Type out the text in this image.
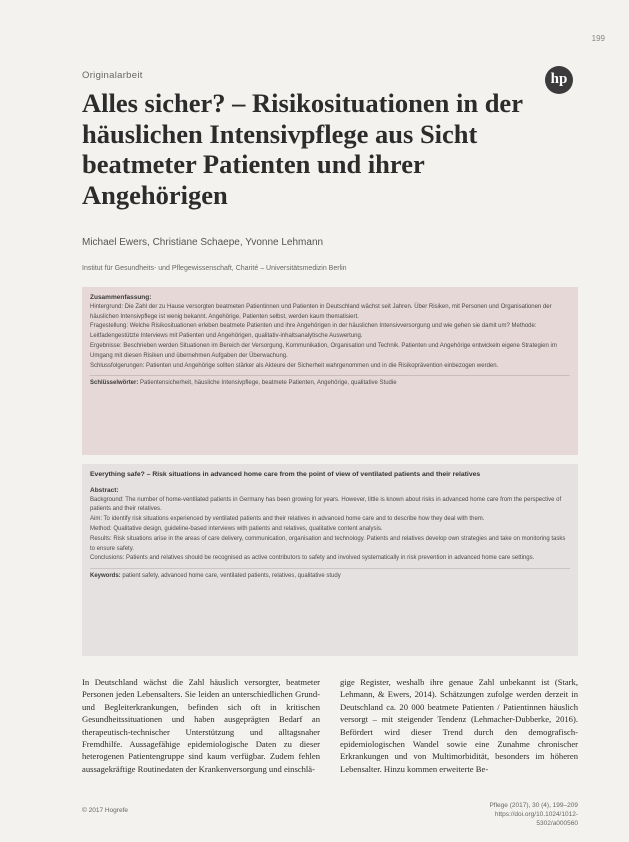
199
Originalarbeit	hp
Alles sicher? – Risikosituationen in der häuslichen Intensivpflege aus Sicht beatmeter Patienten und ihrer Angehörigen
Michael Ewers, Christiane Schaepe, Yvonne Lehmann
Institut für Gesundheits- und Pflegewissenschaft, Charité – Universitätsmedizin Berlin
Zusammenfassung:

Hintergrund: Die Zahl der zu Hause versorgten beatmeten Patientinnen und Patienten in Deutschland wächst seit Jahren. Über Risiken, mit Personen und Organisationen der häuslichen Intensivpflege ist wenig bekannt. Angehörige, Patienten selbst, werden kaum thematisiert.

Fragestellung: Welche Risikosituationen erleben beatmete Patienten und ihre Angehörigen in der häuslichen Intensivversorgung und wie gehen sie damit um? Methode: Leitfadengestützte Interviews mit Patienten und Angehörigen, qualitativ-inhaltsanalytische Auswertung.

Ergebnisse: Beschrieben werden Situationen im Bereich der Versorgung, Kommunikation, Organisation und Technik. Patienten und Angehörige entwickeln eigene Strategien im Umgang mit diesen Risiken und übernehmen Aufgaben der Überwachung.

Schlussfolgerungen: Patienten und Angehörige sollten stärker als Akteure der Sicherheit wahrgenommen und in die Risikoprävention einbezogen werden.

Schlüsselwörter: Patientensicherheit, häusliche Intensivpflege, beatmete Patienten, Angehörige, qualitative Studie
Everything safe? – Risk situations in advanced home care from the point of view of ventilated patients and their relatives
Abstract:

Background: The number of home-ventilated patients in Germany has been growing for years. However, little is known about risks in advanced home care from the perspective of patients and their relatives.

Aim: To identify risk situations experienced by ventilated patients and their relatives in advanced home care and to describe how they deal with them.

Method: Qualitative design, guideline-based interviews with patients and relatives, qualitative content analysis.

Results: Risk situations arise in the areas of care delivery, communication, organisation and technology. Patients and relatives develop own strategies and take on monitoring tasks to ensure safety.

Conclusions: Patients and relatives should be recognised as active contributors to safety and involved systematically in risk prevention in advanced home care settings.

Keywords: patient safety, advanced home care, ventilated patients, relatives, qualitative study

In Deutschland wächst die Zahl häuslich versorgter, beatmeter Personen jeden Lebensalters. Sie leiden an unterschiedlichen Grund- und Begleiterkrankungen, befinden sich oft in kritischen Gesundheitssituationen und haben ausgeprägten Bedarf an therapeutisch-technischer Unterstützung und alltagsnaher Fremdhilfe. Aussagefähige epidemiologische Daten zu dieser heterogenen Patientengruppe sind kaum verfügbar. Zudem fehlen aussagekräftige Routinedaten der Krankenversorgung und einschlä-

gige Register, weshalb ihre genaue Zahl unbekannt ist (Stark, Lehmann, & Ewers, 2014). Schätzungen zufolge werden derzeit in Deutschland ca. 20 000 beatmete Patienten / Patientinnen häuslich versorgt – mit steigender Tendenz (Lehmacher-Dubberke, 2016). Befördert wird dieser Trend durch den demografisch-epidemiologischen Wandel sowie eine Zunahme chronischer Erkrankungen und von Multimorbidität, besonders im höheren Lebensalter. Hinzu kommen erweiterte Be-

© 2017 Hogrefe
Pflege (2017), 30 (4), 199–209
https://doi.org/10.1024/1012-5302/a000560
